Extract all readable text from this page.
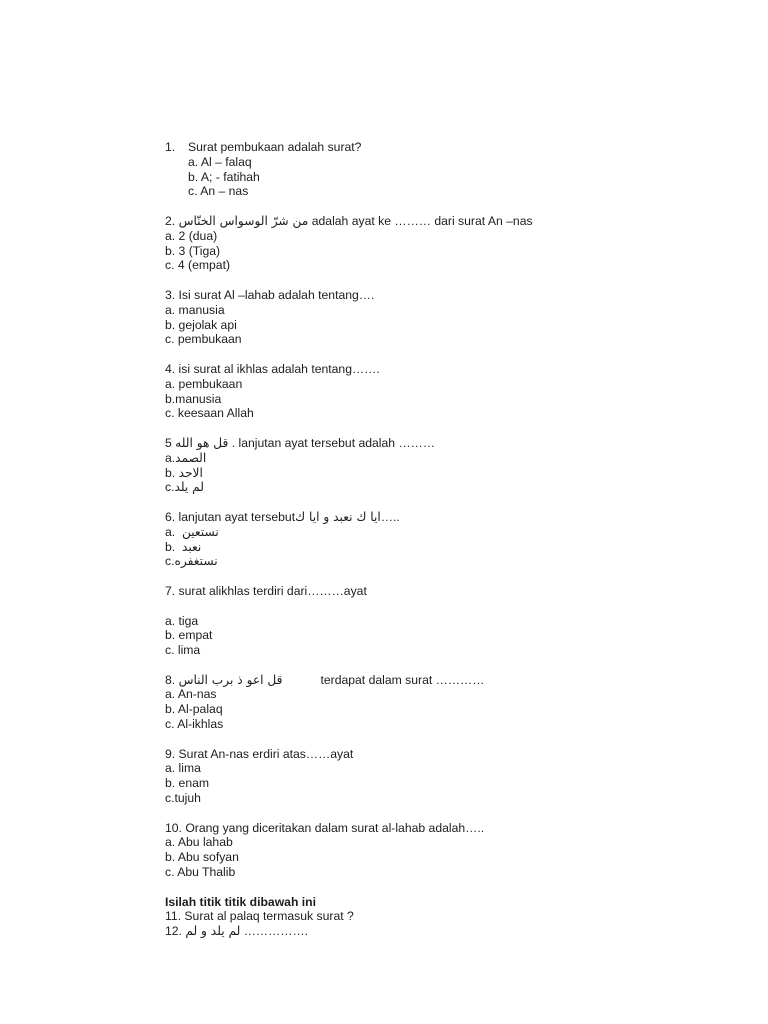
1. Surat pembukaan adalah surat?
a. Al – falaq
b. A; - fatihah
c. An – nas
2. من شرّ الوسواس الخنّاس adalah ayat ke ……… dari surat An –nas
a. 2 (dua)
b. 3 (Tiga)
c. 4 (empat)
3. Isi surat Al –lahab adalah tentang….
a. manusia
b. gejolak api
c. pembukaan
4. isi surat al ikhlas adalah tentang…….
a. pembukaan
b.manusia
c. keesaan Allah
5 قل هو الله . lanjutan ayat tersebut adalah ………
a.الصمد
b. الاحد
c.لم يلد
6. lanjutan ayat tersebutايا ك نعبد و ايا ك…..
a. نستعين
b. نعبد
c.نستغفره
7. surat alikhlas terdiri dari………ayat
a. tiga
b. empat
c. lima
8. قل اعو ذ برب الناس	terdapat dalam surat …………
a. An-nas
b. Al-palaq
c. Al-ikhlas
9. Surat An-nas erdiri atas……ayat
a. lima
b. enam
c.tujuh
10. Orang yang diceritakan dalam surat al-lahab adalah…..
a. Abu lahab
b. Abu sofyan
c. Abu Thalib
Isilah titik titik dibawah ini
11. Surat al palaq termasuk surat ?
12. لم يلد و لم …………….
